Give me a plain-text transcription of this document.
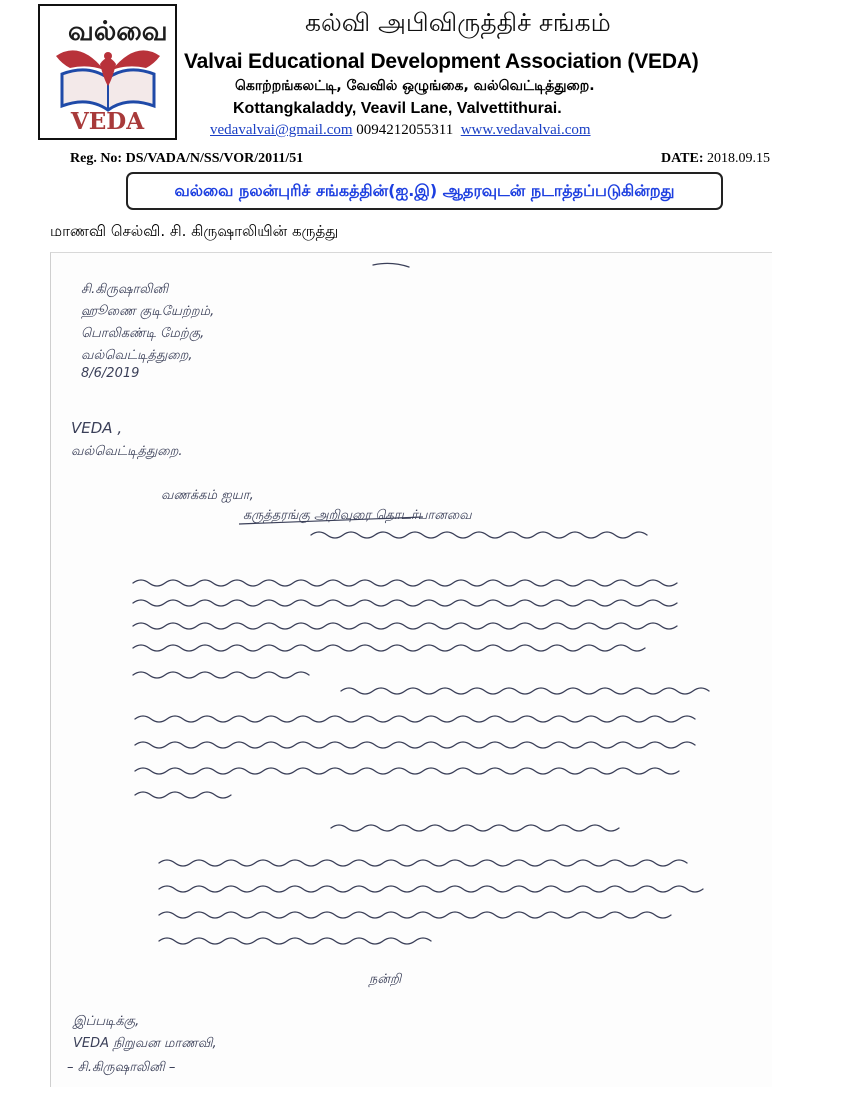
வல்வை
VEDA
கல்வி அபிவிருத்திச் சங்கம்
Valvai Educational Development Association (VEDA)
கொற்றங்கலட்டி, வேவில் ஒழுங்கை, வல்வெட்டித்துறை.
Kottangkaladdy, Veavil Lane, Valvettithurai.
vedavalvai@gmail.com 0094212055311 www.vedavalvai.com
Reg. No: DS/VADA/N/SS/VOR/2011/51	DATE: 2018.09.15
வல்வை நலன்புரிச் சங்கத்தின்(ஐ.இ) ஆதரவுடன் நடாத்தப்படுகின்றது
மாணவி செல்வி. சி. கிருஷாலியின் கருத்து
சி.கிருஷாலினி
ஹூணை குடியேற்றம்,
பொலிகண்டி மேற்கு,
வல்வெட்டித்துறை,
8/6/2019
VEDA ,
வல்வெட்டித்துறை.
வணக்கம் ஐயா,
கருத்தரங்கு அறிவுரை தொடர்பானவை
நன்றி
இப்படிக்கு,
VEDA நிறுவன மாணவி,
– சி.கிருஷாலினி –
